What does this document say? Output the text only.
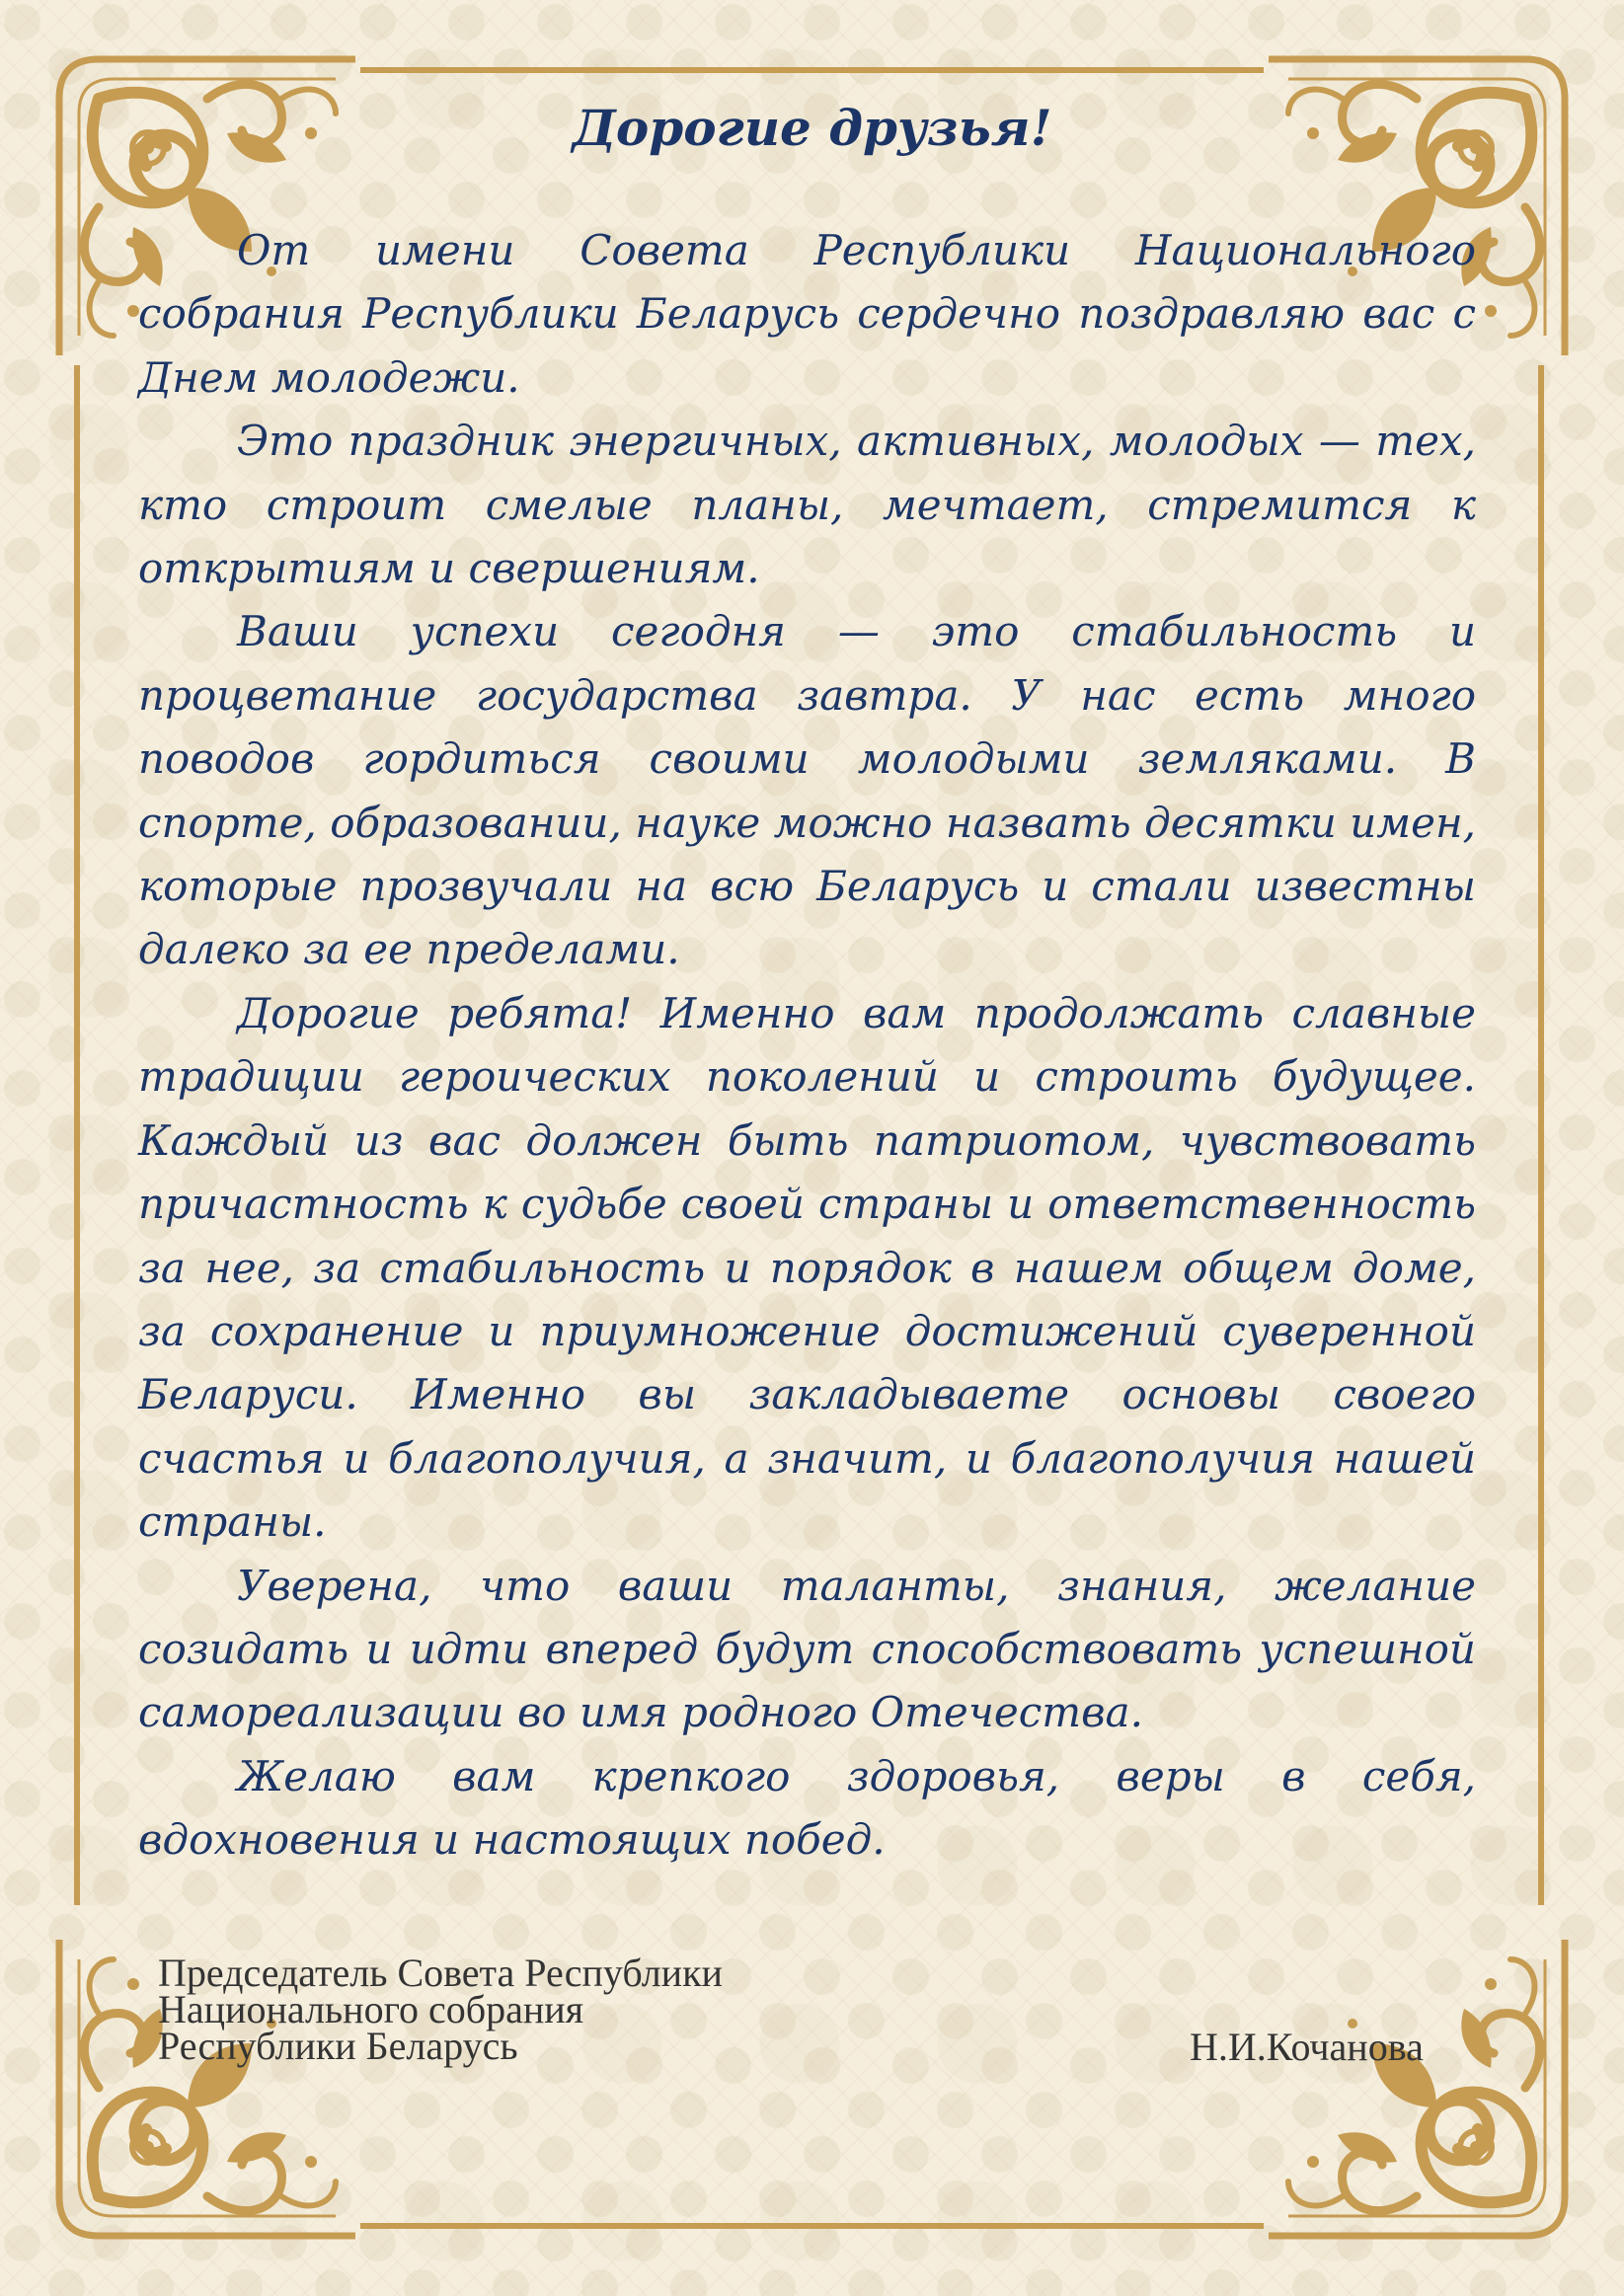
Дорогие друзья!

От имени Совета Республики Национального собрания Республики Беларусь сердечно поздравляю вас с Днем молодежи.

Это праздник энергичных, активных, молодых — тех, кто строит смелые планы, мечтает, стремится к открытиям и свершениям.

Ваши успехи сегодня — это стабильность и процветание государства завтра. У нас есть много поводов гордиться своими молодыми земляками. В спорте, образовании, науке можно назвать десятки имен, которые прозвучали на всю Беларусь и стали известны далеко за ее пределами.

Дорогие ребята! Именно вам продолжать славные традиции героических поколений и строить будущее. Каждый из вас должен быть патриотом, чувствовать причастность к судьбе своей страны и ответственность за нее, за стабильность и порядок в нашем общем доме, за сохранение и приумножение достижений суверенной Беларуси. Именно вы закладываете основы своего счастья и благополучия, а значит, и благополучия нашей страны.

Уверена, что ваши таланты, знания, желание созидать и идти вперед будут способствовать успешной самореализации во имя родного Отечества.

Желаю вам крепкого здоровья, веры в себя, вдохновения и настоящих побед.

Председатель Совета Республики
Национального собрания
Республики Беларусь	Н.И.Кочанова
